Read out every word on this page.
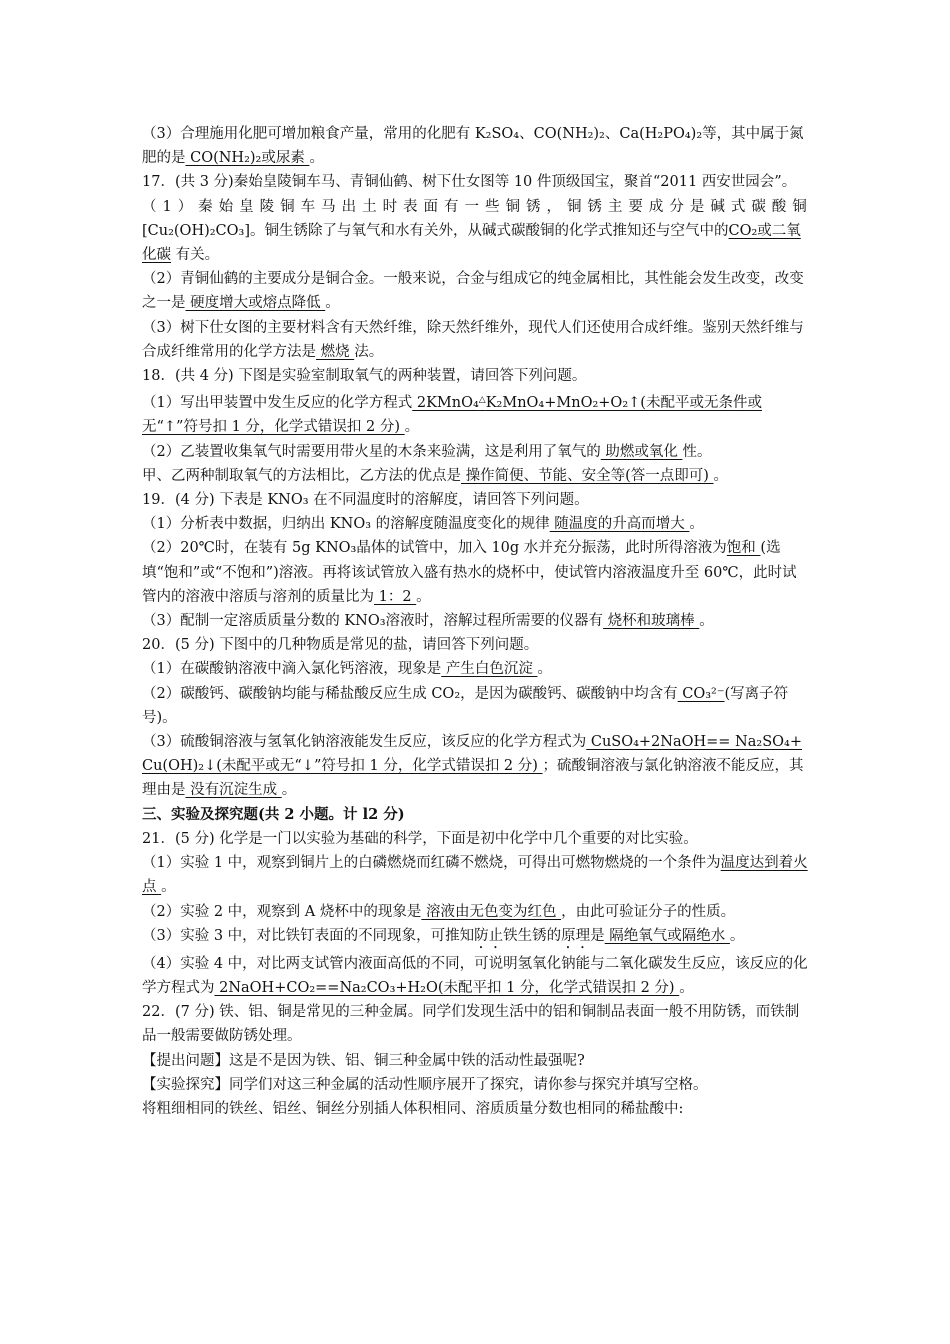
（3）合理施用化肥可增加粮食产量，常用的化肥有 K₂SO₄、CO(NH₂)₂、Ca(H₂PO₄)₂等，其中属于氮肥的是 CO(NH₂)₂或尿素 。

17．(共 3 分)秦始皇陵铜车马、青铜仙鹤、树下仕女图等 10 件顶级国宝，聚首“2011 西安世园会”。

（1）秦始皇陵铜车马出土时表面有一些铜锈，铜锈主要成分是碱式碳酸铜

[Cu₂(OH)₂CO₃]。铜生锈除了与氧气和水有关外，从碱式碳酸铜的化学式推知还与空气中的CO₂或二氧化碳 有关。

（2）青铜仙鹤的主要成分是铜合金。一般来说，合金与组成它的纯金属相比，其性能会发生改变，改变之一是 硬度增大或熔点降低 。

（3）树下仕女图的主要材料含有天然纤维，除天然纤维外，现代人们还使用合成纤维。鉴别天然纤维与合成纤维常用的化学方法是 燃烧 法。

18．(共 4 分) 下图是实验室制取氧气的两种装置，请回答下列问题。

（1）写出甲装置中发生反应的化学方程式 2KMnO₄△K₂MnO₄+MnO₂+O₂↑(未配平或无条件或无“↑”符号扣 1 分，化学式错误扣 2 分) 。

（2）乙装置收集氧气时需要用带火星的木条来验满，这是利用了氧气的 助燃或氧化 性。

甲、乙两种制取氧气的方法相比，乙方法的优点是 操作简便、节能、安全等(答一点即可) 。

19．(4 分) 下表是 KNO₃ 在不同温度时的溶解度，请回答下列问题。

（1）分析表中数据，归纳出 KNO₃ 的溶解度随温度变化的规律 随温度的升高而增大 。

（2）20℃时，在装有 5g KNO₃晶体的试管中，加入 10g 水并充分振荡，此时所得溶液为饱和 (选填“饱和”或“不饱和”)溶液。再将该试管放入盛有热水的烧杯中，使试管内溶液温度升至 60℃，此时试管内的溶液中溶质与溶剂的质量比为 1：2 。

（3）配制一定溶质质量分数的 KNO₃溶液时，溶解过程所需要的仪器有 烧杯和玻璃棒 。

20．(5 分) 下图中的几种物质是常见的盐，请回答下列问题。

（1）在碳酸钠溶液中滴入氯化钙溶液，现象是 产生白色沉淀 。

（2）碳酸钙、碳酸钠均能与稀盐酸反应生成 CO₂，是因为碳酸钙、碳酸钠中均含有 CO₃²⁻(写离子符号)。

（3）硫酸铜溶液与氢氧化钠溶液能发生反应，该反应的化学方程式为 CuSO₄+2NaOH== Na₂SO₄+Cu(OH)₂↓(未配平或无“↓”符号扣 1 分，化学式错误扣 2 分) ；硫酸铜溶液与氯化钠溶液不能反应，其理由是 没有沉淀生成 。

三、实验及探究题(共 2 小题。计 l2 分)

21．(5 分) 化学是一门以实验为基础的科学，下面是初中化学中几个重要的对比实验。

（1）实验 1 中，观察到铜片上的白磷燃烧而红磷不燃烧，可得出可燃物燃烧的一个条件为温度达到着火点 。

（2）实验 2 中，观察到 A 烧杯中的现象是 溶液由无色变为红色 ，由此可验证分子的性质。

（3）实验 3 中，对比铁钉表面的不同现象，可推知防止铁生锈的原理是 隔绝氧气或隔绝水 。

（4）实验 4 中，对比两支试管内液面高低的不同，可说明氢氧化钠能与二氧化碳发生反应，该反应的化学方程式为 2NaOH+CO₂==Na₂CO₃+H₂O(未配平扣 1 分，化学式错误扣 2 分) 。

22．(7 分) 铁、铝、铜是常见的三种金属。同学们发现生活中的铝和铜制品表面一般不用防锈，而铁制品一般需要做防锈处理。

【提出问题】这是不是因为铁、铝、铜三种金属中铁的活动性最强呢?

【实验探究】同学们对这三种金属的活动性顺序展开了探究，请你参与探究并填写空格。

将粗细相同的铁丝、铝丝、铜丝分别插人体积相同、溶质质量分数也相同的稀盐酸中:
